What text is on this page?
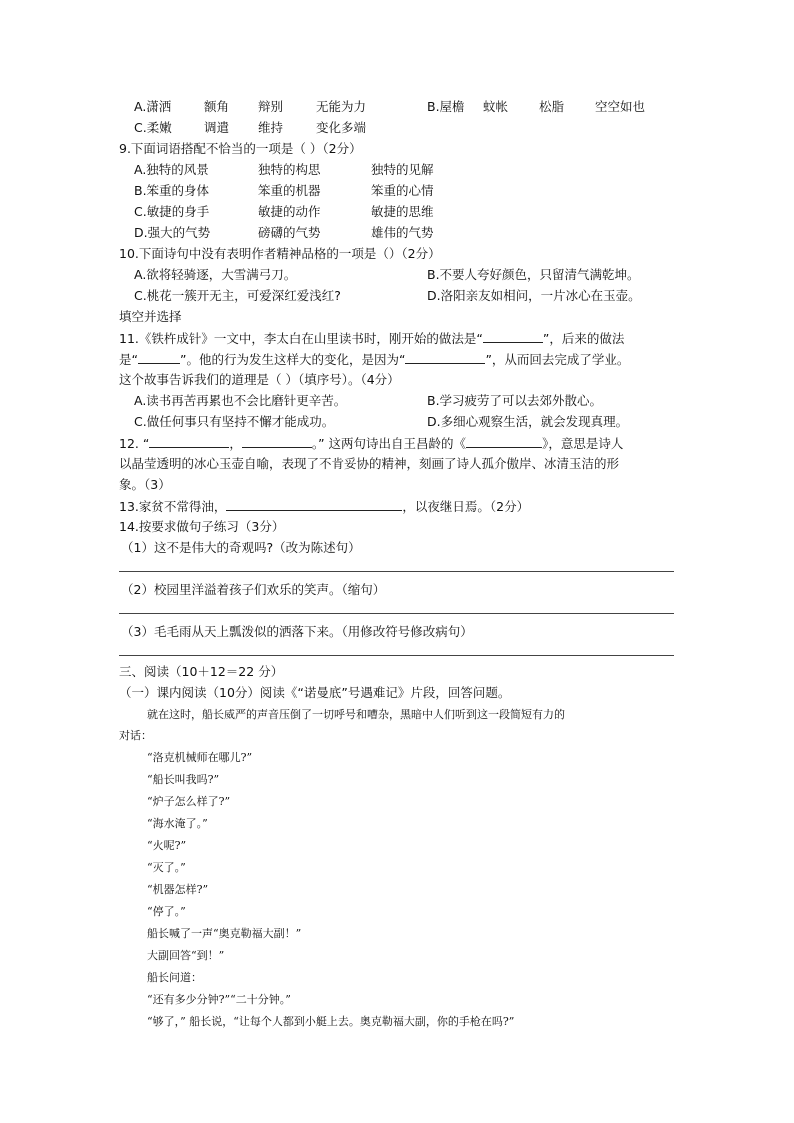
A.潇洒	额角 辩别	无能为力	B.屋檐 蚊帐 松脂 空空如也
C.柔嫩	调遣 维持	变化多端
9.下面词语搭配不恰当的一项是（ ）（2分）
A.独特的风景	独特的构思	独特的见解
B.笨重的身体	笨重的机器	笨重的心情
C.敏捷的身手	敏捷的动作	敏捷的思维
D.强大的气势	磅礴的气势	雄伟的气势
10.下面诗句中没有表明作者精神品格的一项是（）（2分）
A.欲将轻骑逐，大雪满弓刀。	B.不要人夸好颜色，只留清气满乾坤。
C.桃花一簇开无主，可爱深红爱浅红?	D.洛阳亲友如相问，一片冰心在玉壶。
填空并选择
11.《铁杵成针》一文中，李太白在山里读书时，刚开始的做法是“	”，后来的做法
是“	”。他的行为发生这样大的变化，是因为“	”，从而回去完成了学业。
这个故事告诉我们的道理是（ ）（填序号）。（4分）
A.读书再苦再累也不会比磨针更辛苦。	B.学习疲劳了可以去郊外散心。
C.做任何事只有坚持不懈才能成功。	D.多细心观察生活，就会发现真理。
12. “	，	。” 这两句诗出自王昌龄的《	》，意思是诗人
以晶莹透明的冰心玉壶自喻，表现了不肯妥协的精神，刻画了诗人孤介傲岸、冰清玉洁的形
象。（3）
13.家贫不常得油，	，以夜继日焉。（2分）
14.按要求做句子练习（3分）
（1）这不是伟大的奇观吗?（改为陈述句）
（2）校园里洋溢着孩子们欢乐的笑声。（缩句）
（3）毛毛雨从天上瓢泼似的洒落下来。（用修改符号修改病句）
三、阅读（10＋12＝22 分）
（一）课内阅读（10分）阅读《“诺曼底”号遇难记》片段，回答问题。
就在这时，船长威严的声音压倒了一切呼号和嘈杂，黑暗中人们听到这一段简短有力的
对话：
“洛克机械师在哪儿?”
“船长叫我吗?”
“炉子怎么样了?”
“海水淹了。”
“火呢?”
“灭了。”
“机器怎样?”
“停了。”
船长喊了一声“奥克勒福大副！”
大副回答“到！”
船长问道：
“还有多少分钟?”“二十分钟。”
“够了，” 船长说，“让每个人都到小艇上去。奥克勒福大副，你的手枪在吗?”
